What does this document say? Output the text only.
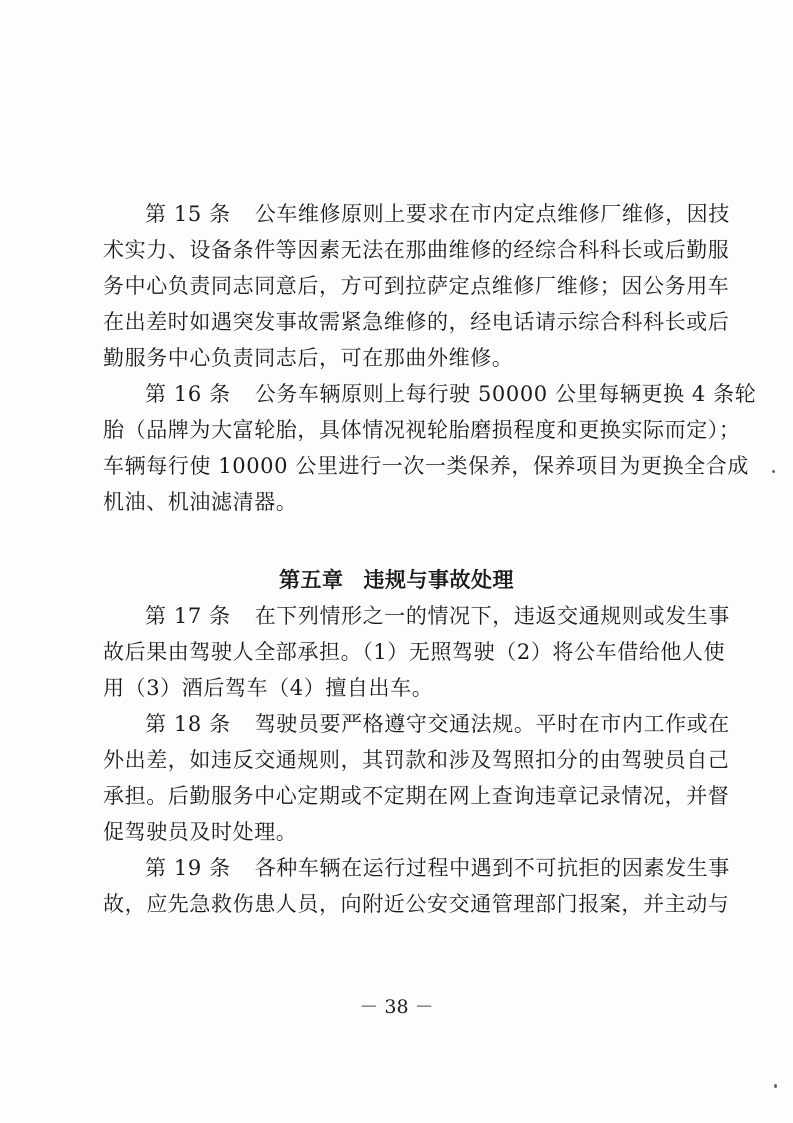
第 15 条 公车维修原则上要求在市内定点维修厂维修，因技
术实力、设备条件等因素无法在那曲维修的经综合科科长或后勤服
务中心负责同志同意后，方可到拉萨定点维修厂维修；因公务用车
在出差时如遇突发事故需紧急维修的，经电话请示综合科科长或后
勤服务中心负责同志后，可在那曲外维修。
第 16 条 公务车辆原则上每行驶 50000 公里每辆更换 4 条轮
胎（品牌为大富轮胎，具体情况视轮胎磨损程度和更换实际而定）；
车辆每行使 10000 公里进行一次一类保养，保养项目为更换全合成
机油、机油滤清器。
第五章 违规与事故处理
第 17 条 在下列情形之一的情况下，违返交通规则或发生事
故后果由驾驶人全部承担。（1）无照驾驶（2）将公车借给他人使
用（3）酒后驾车（4）擅自出车。
第 18 条 驾驶员要严格遵守交通法规。平时在市内工作或在
外出差，如违反交通规则，其罚款和涉及驾照扣分的由驾驶员自己
承担。后勤服务中心定期或不定期在网上查询违章记录情况，并督
促驾驶员及时处理。
第 19 条 各种车辆在运行过程中遇到不可抗拒的因素发生事
故，应先急救伤患人员，向附近公安交通管理部门报案，并主动与
－ 38 －
